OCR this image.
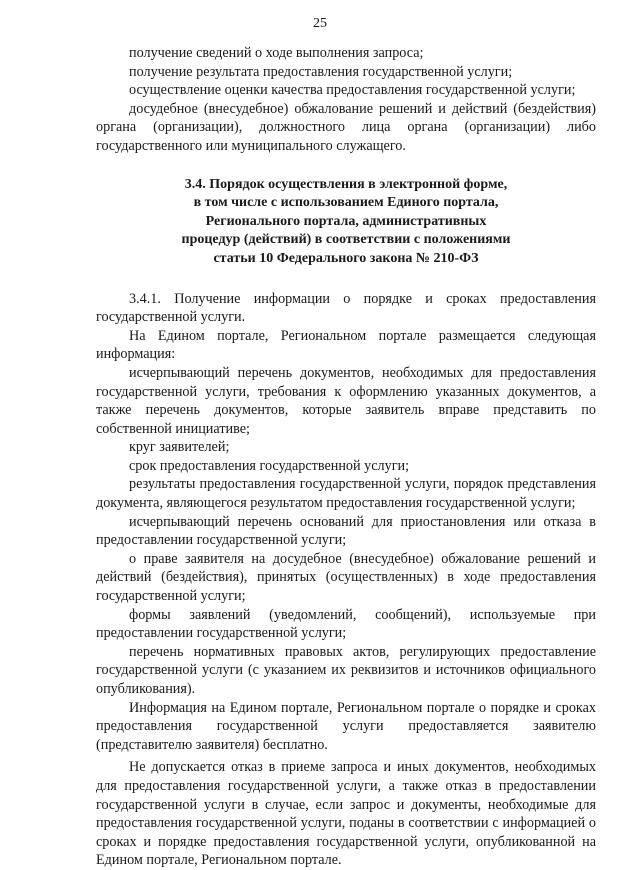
25

получение сведений о ходе выполнения запроса;

получение результата предоставления государственной услуги;

осуществление оценки качества предоставления государственной услуги;

досудебное (внесудебное) обжалование решений и действий (бездействия) органа (организации), должностного лица органа (организации) либо государственного или муниципального служащего.

3.4. Порядок осуществления в электронной форме,
в том числе с использованием Единого портала,
Регионального портала, административных
процедур (действий) в соответствии с положениями
статьи 10 Федерального закона № 210-ФЗ

3.4.1. Получение информации о порядке и сроках предоставления государственной услуги.

На Едином портале, Региональном портале размещается следующая информация:

исчерпывающий перечень документов, необходимых для предоставления государственной услуги, требования к оформлению указанных документов, а также перечень документов, которые заявитель вправе представить по собственной инициативе;

круг заявителей;

срок предоставления государственной услуги;

результаты предоставления государственной услуги, порядок представления документа, являющегося результатом предоставления государственной услуги;

исчерпывающий перечень оснований для приостановления или отказа в предоставлении государственной услуги;

о праве заявителя на досудебное (внесудебное) обжалование решений и действий (бездействия), принятых (осуществленных) в ходе предоставления государственной услуги;

формы заявлений (уведомлений, сообщений), используемые при предоставлении государственной услуги;

перечень нормативных правовых актов, регулирующих предоставление государственной услуги (с указанием их реквизитов и источников официального опубликования).

Информация на Едином портале, Региональном портале о порядке и сроках предоставления государственной услуги предоставляется заявителю (представителю заявителя) бесплатно.

Не допускается отказ в приеме запроса и иных документов, необходимых для предоставления государственной услуги, а также отказ в предоставлении государственной услуги в случае, если запрос и документы, необходимые для предоставления государственной услуги, поданы в соответствии с информацией о сроках и порядке предоставления государственной услуги, опубликованной на Едином портале, Региональном портале.
